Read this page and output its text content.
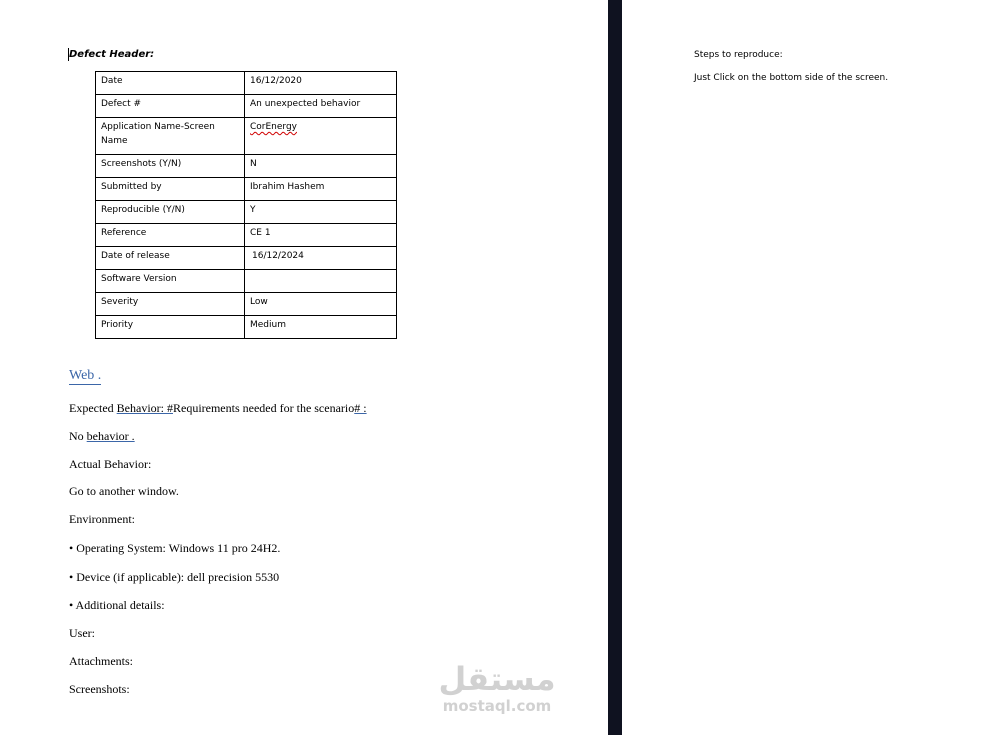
Defect Header:
Date	16/12/2020
Defect #	An unexpected behavior
Application Name-Screen Name	CorEnergy
Screenshots (Y/N)	N
Submitted by	Ibrahim Hashem
Reproducible (Y/N)	Y
Reference	CE 1
Date of release	16/12/2024
Software Version	
Severity	Low
Priority	Medium
Web .
Expected Behavior: #Requirements needed for the scenario# :
No behavior .
Actual Behavior:
Go to another window.
Environment:
• Operating System: Windows 11 pro 24H2.
• Device (if applicable): dell precision 5530
• Additional details:
User:
Attachments:
Screenshots:
Steps to reproduce:
Just Click on the bottom side of the screen.
مستقل
mostaql.com
